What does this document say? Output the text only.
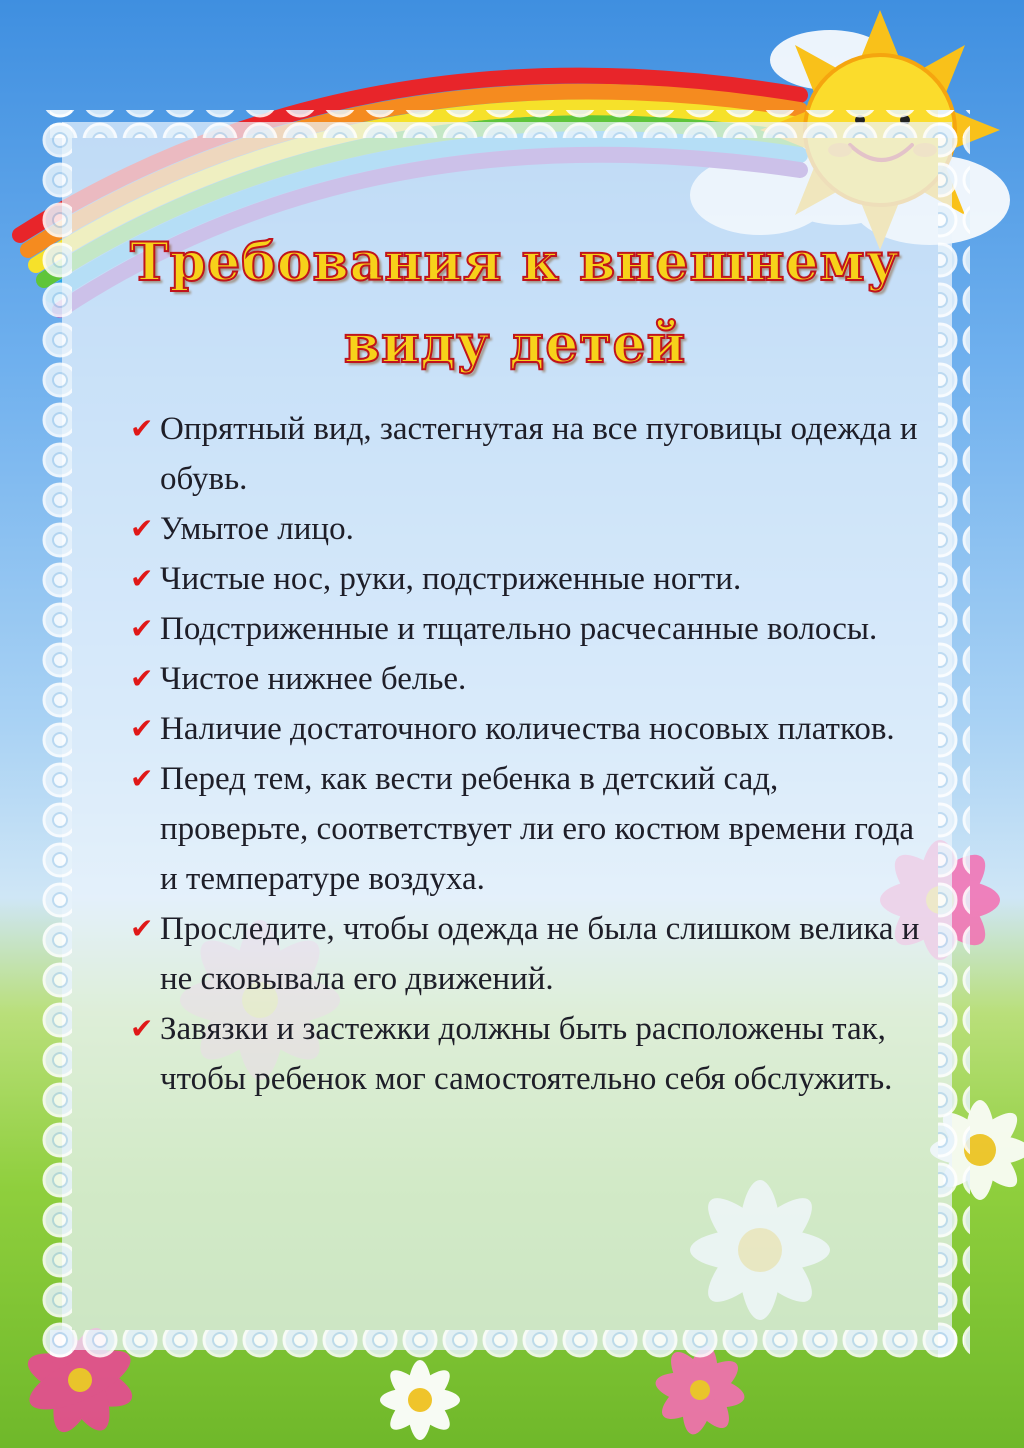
Требования к внешнему
виду детей
✔ Опрятный вид, застегнутая на все пуговицы одежда и обувь.
✔ Умытое лицо.
✔ Чистые нос, руки, подстриженные ногти.
✔ Подстриженные и тщательно расчесанные волосы.
✔ Чистое нижнее белье.
✔ Наличие достаточного количества носовых платков.
✔ Перед тем, как вести ребенка в детский сад, проверьте, соответствует ли его костюм времени года и температуре воздуха.
✔ Проследите, чтобы одежда не была слишком велика и не сковывала его движений.
✔ Завязки и застежки должны быть расположены так, чтобы ребенок мог самостоятельно себя обслужить.
